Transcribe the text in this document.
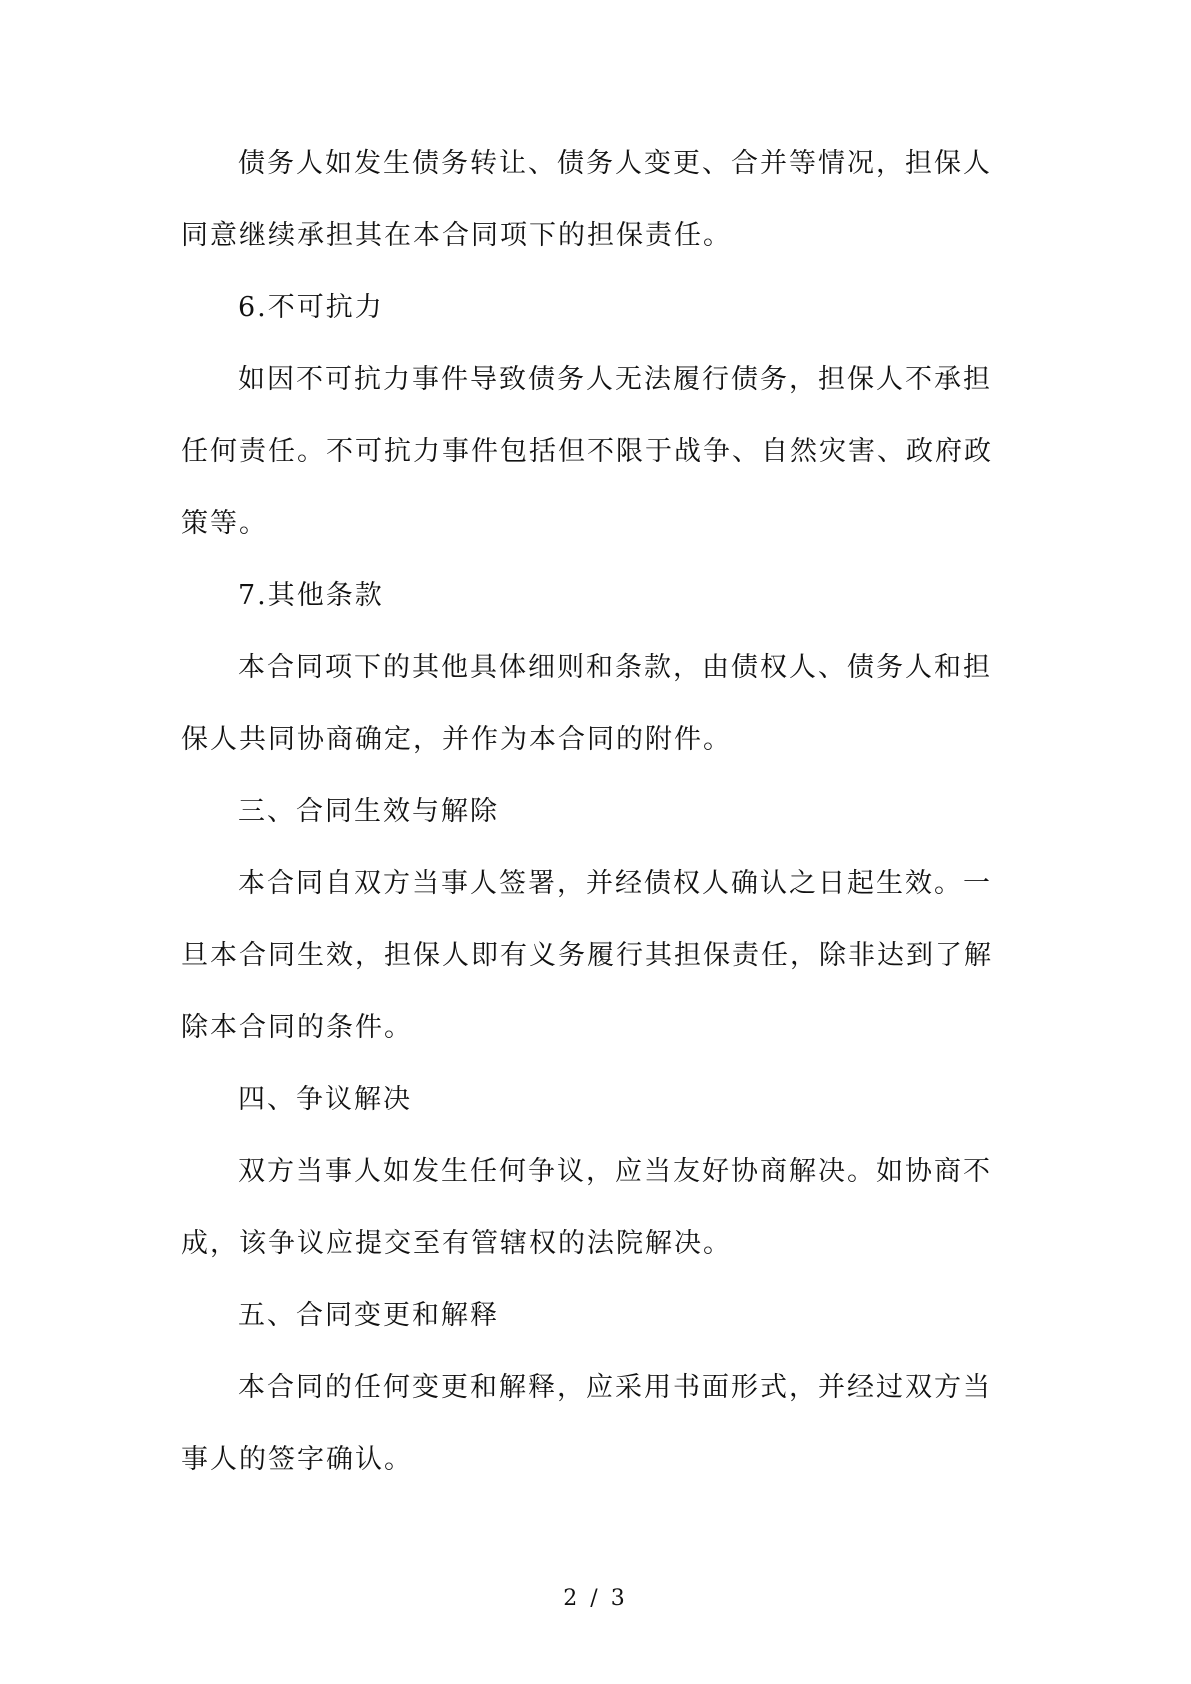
债务人如发生债务转让、债务人变更、合并等情况，担保人同意继续承担其在本合同项下的担保责任。

6.不可抗力

如因不可抗力事件导致债务人无法履行债务，担保人不承担任何责任。不可抗力事件包括但不限于战争、自然灾害、政府政策等。

7.其他条款

本合同项下的其他具体细则和条款，由债权人、债务人和担保人共同协商确定，并作为本合同的附件。

三、合同生效与解除

本合同自双方当事人签署，并经债权人确认之日起生效。一旦本合同生效，担保人即有义务履行其担保责任，除非达到了解除本合同的条件。

四、争议解决

双方当事人如发生任何争议，应当友好协商解决。如协商不成，该争议应提交至有管辖权的法院解决。

五、合同变更和解释

本合同的任何变更和解释，应采用书面形式，并经过双方当事人的签字确认。

2 / 3
